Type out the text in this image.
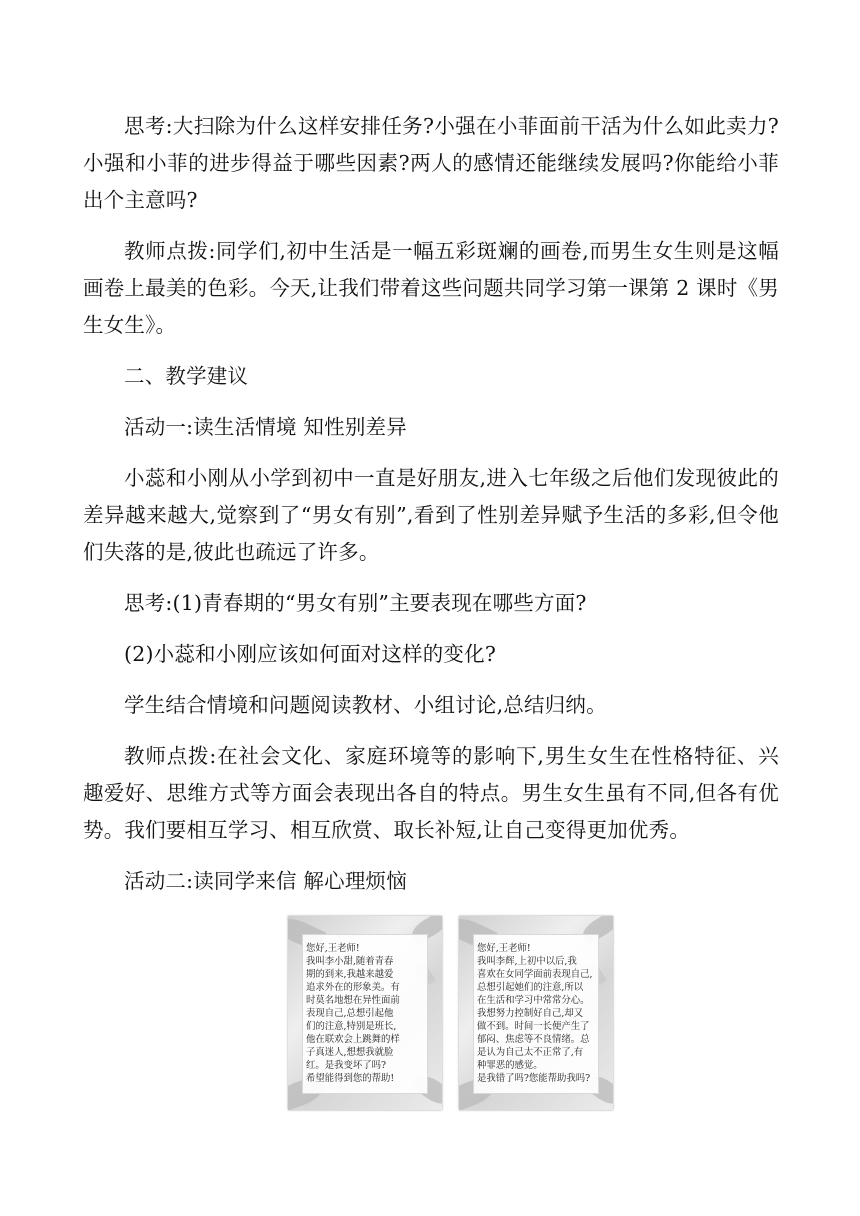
思考:大扫除为什么这样安排任务?小强在小菲面前干活为什么如此卖力?小强和小菲的进步得益于哪些因素?两人的感情还能继续发展吗?你能给小菲出个主意吗?

教师点拨:同学们,初中生活是一幅五彩斑斓的画卷,而男生女生则是这幅画卷上最美的色彩。今天,让我们带着这些问题共同学习第一课第 2 课时《男生女生》。

二、教学建议

活动一:读生活情境 知性别差异

小蕊和小刚从小学到初中一直是好朋友,进入七年级之后他们发现彼此的差异越来越大,觉察到了“男女有别”,看到了性别差异赋予生活的多彩,但令他们失落的是,彼此也疏远了许多。

思考:(1)青春期的“男女有别”主要表现在哪些方面?

(2)小蕊和小刚应该如何面对这样的变化?

学生结合情境和问题阅读教材、小组讨论,总结归纳。

教师点拨:在社会文化、家庭环境等的影响下,男生女生在性格特征、兴趣爱好、思维方式等方面会表现出各自的特点。男生女生虽有不同,但各有优势。我们要相互学习、相互欣赏、取长补短,让自己变得更加优秀。

活动二:读同学来信 解心理烦恼

您好,王老师!
我叫李小甜,随着青春
期的到来,我越来越爱
追求外在的形象美。有
时莫名地想在异性面前
表现自己,总想引起他
们的注意,特别是班长,
他在联欢会上跳舞的样
子真迷人,想想我就脸
红。是我变坏了吗?
希望能得到您的帮助!
您好,王老师!
我叫李辉,上初中以后,我
喜欢在女同学面前表现自己,
总想引起她们的注意,所以
在生活和学习中常常分心。
我想努力控制好自己,却又
做不到。时间一长便产生了
郁闷、焦虑等不良情绪。总
是认为自己太不正常了,有
种罪恶的感觉。
是我错了吗?您能帮助我吗?
